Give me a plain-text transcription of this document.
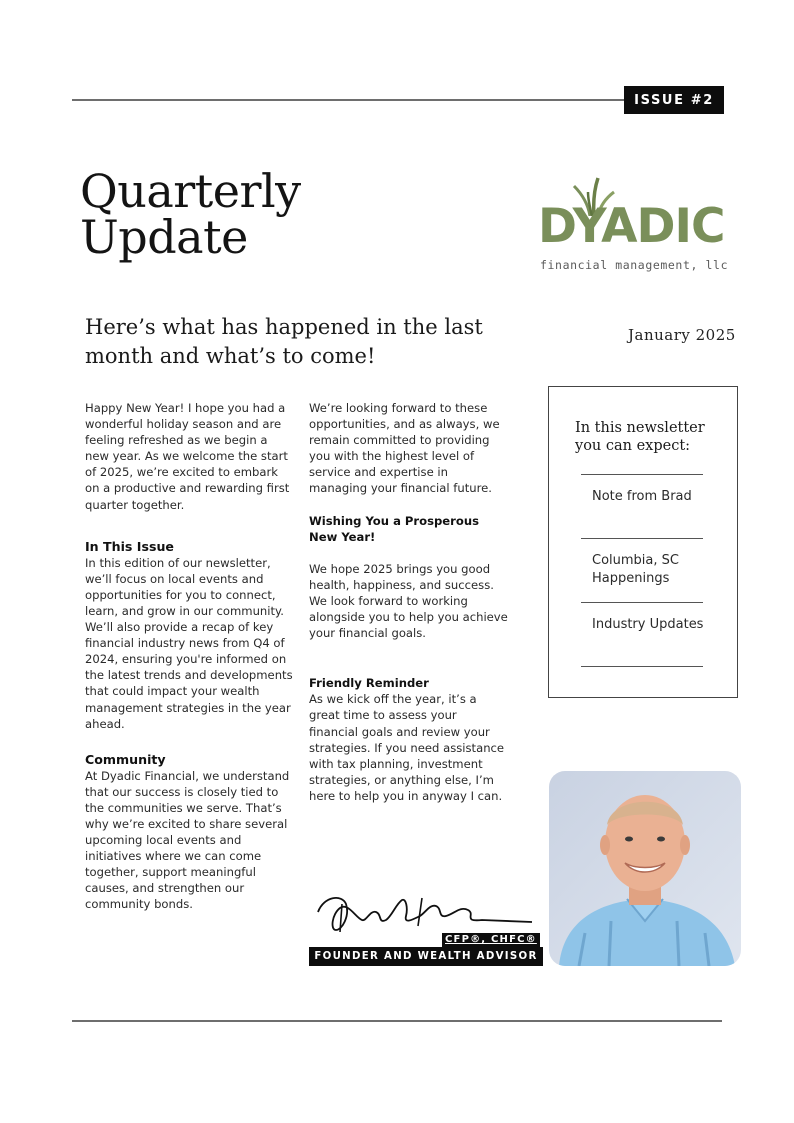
ISSUE #2
Quarterly
Update	DYADIC
financial management, llc
Here’s what has happened in the last month and what’s to come!
January 2025

Happy New Year! I hope you had a wonderful holiday season and are feeling refreshed as we begin a new year. As we welcome the start of 2025, we’re excited to embark on a productive and rewarding first quarter together.

In This Issue

In this edition of our newsletter, we’ll focus on local events and opportunities for you to connect, learn, and grow in our community. We’ll also provide a recap of key financial industry news from Q4 of 2024, ensuring you're informed on the latest trends and developments that could impact your wealth management strategies in the year ahead.

Community

At Dyadic Financial, we understand that our success is closely tied to the communities we serve. That’s why we’re excited to share several upcoming local events and initiatives where we can come together, support meaningful causes, and strengthen our community bonds.

We’re looking forward to these opportunities, and as always, we remain committed to providing you with the highest level of service and expertise in managing your financial future.

Wishing You a Prosperous New Year!

We hope 2025 brings you good health, happiness, and success. We look forward to working alongside you to help you achieve your financial goals.

Friendly Reminder

As we kick off the year, it’s a great time to assess your financial goals and review your strategies. If you need assistance with tax planning, investment strategies, or anything else, I’m here to help you in anyway I can.

In this newsletter you can expect:
Note from Brad
Columbia, SC Happenings
Industry Updates
CFP®, CHFC®
FOUNDER AND WEALTH ADVISOR
